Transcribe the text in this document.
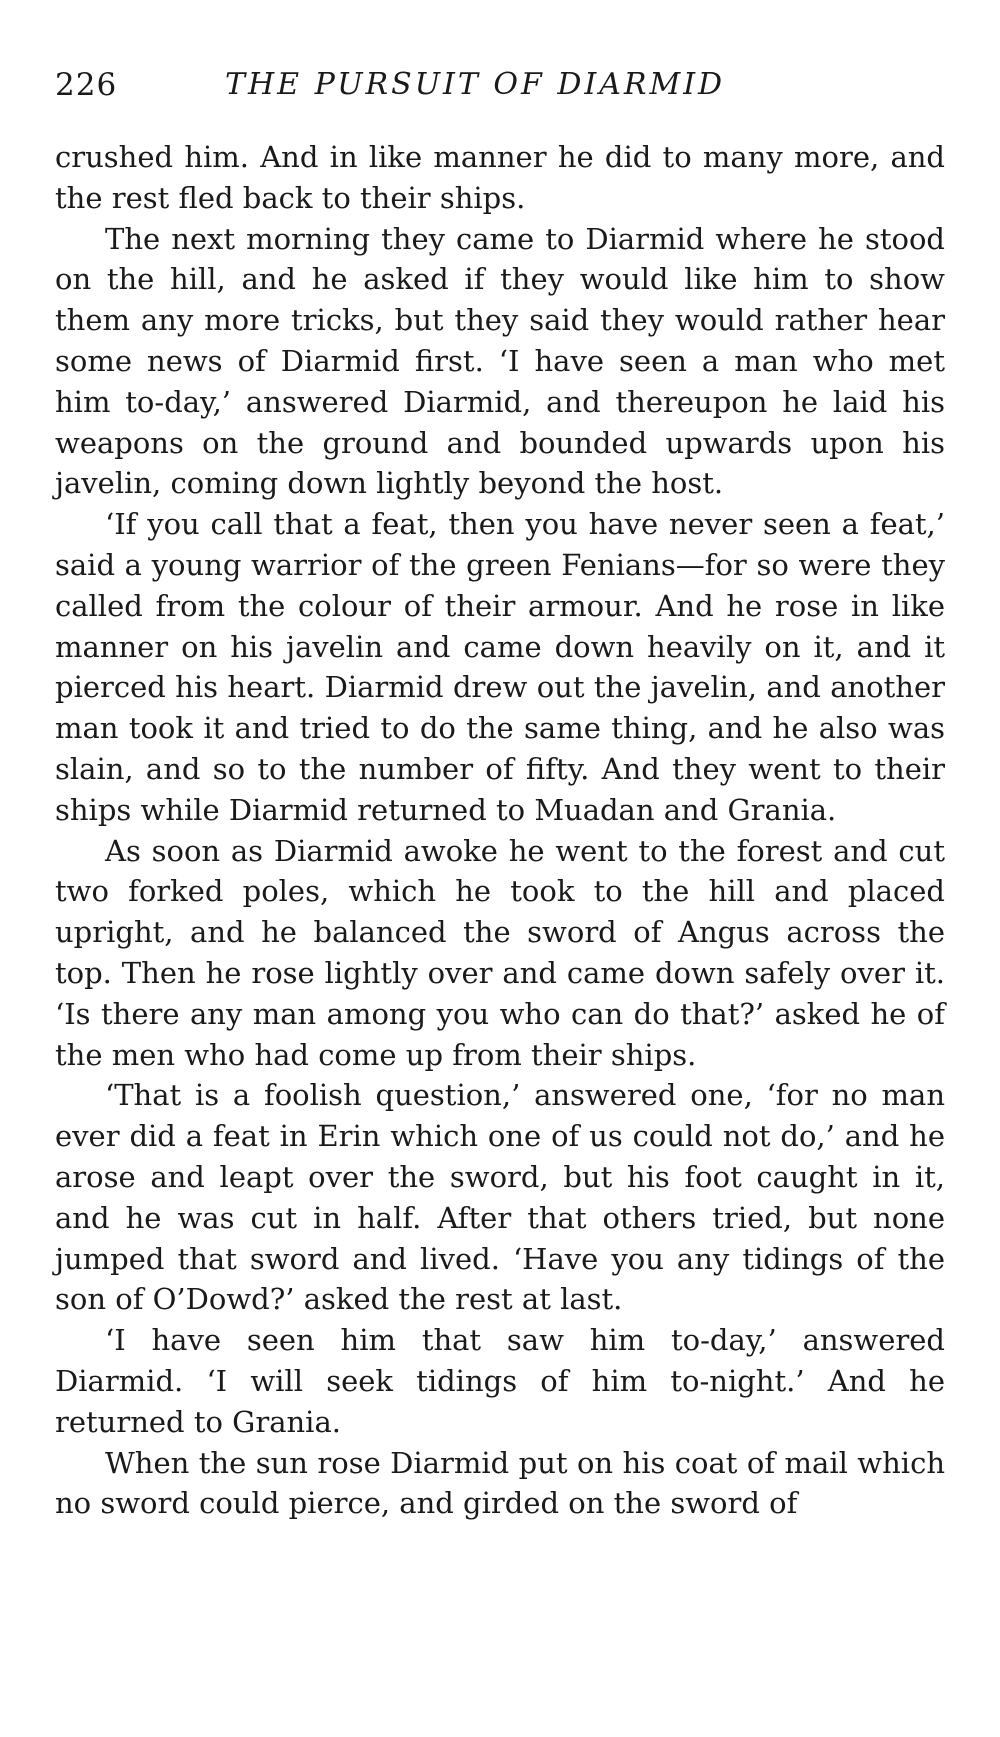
226	THE PURSUIT OF DIARMID

crushed him. And in like manner he did to many more, and the rest fled back to their ships.

The next morning they came to Diarmid where he stood on the hill, and he asked if they would like him to show them any more tricks, but they said they would rather hear some news of Diarmid first. ‘I have seen a man who met him to-day,’ answered Diarmid, and thereupon he laid his weapons on the ground and bounded upwards upon his javelin, coming down lightly beyond the host.

‘If you call that a feat, then you have never seen a feat,’ said a young warrior of the green Fenians—for so were they called from the colour of their armour. And he rose in like manner on his javelin and came down heavily on it, and it pierced his heart. Diarmid drew out the javelin, and another man took it and tried to do the same thing, and he also was slain, and so to the number of fifty. And they went to their ships while Diarmid returned to Muadan and Grania.

As soon as Diarmid awoke he went to the forest and cut two forked poles, which he took to the hill and placed upright, and he balanced the sword of Angus across the top. Then he rose lightly over and came down safely over it. ‘Is there any man among you who can do that?’ asked he of the men who had come up from their ships.

‘That is a foolish question,’ answered one, ‘for no man ever did a feat in Erin which one of us could not do,’ and he arose and leapt over the sword, but his foot caught in it, and he was cut in half. After that others tried, but none jumped that sword and lived. ‘Have you any tidings of the son of O’Dowd?’ asked the rest at last.

‘I have seen him that saw him to-day,’ answered Diarmid. ‘I will seek tidings of him to-night.’ And he returned to Grania.

When the sun rose Diarmid put on his coat of mail which no sword could pierce, and girded on the sword of
